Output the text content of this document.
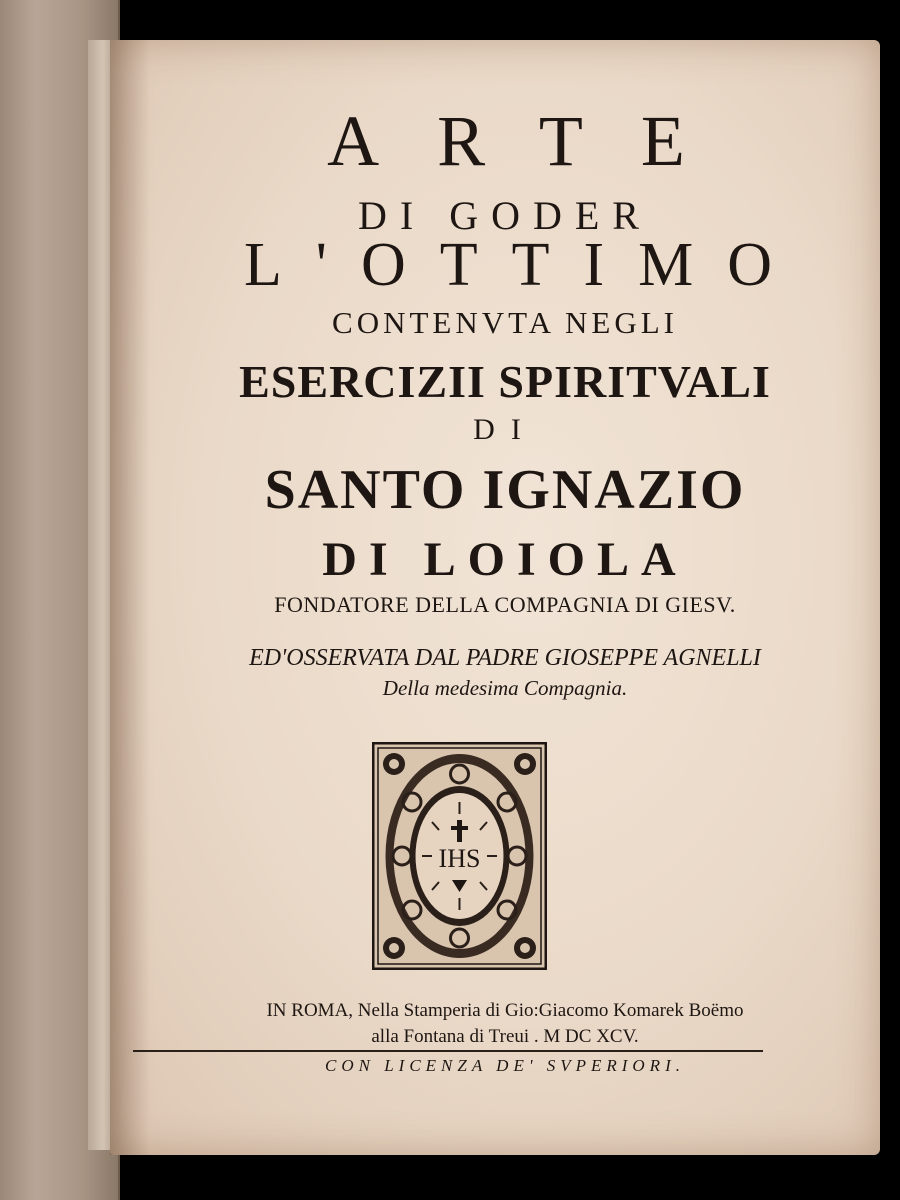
ARTE
DI GODER
L'OTTIMO
CONTENVTA NEGLI
ESERCIZII SPIRITVALI
DI
SANTO IGNAZIO
DI LOIOLA
FONDATORE DELLA COMPAGNIA DI GIESV.
ED'OSSERVATA DAL PADRE GIOSEPPE AGNELLI
Della medesima Compagnia.
IHS
IN ROMA, Nella Stamperia di Gio:Giacomo Komarek Boëmo
alla Fontana di Treui . M DC XCV.
CON LICENZA DE' SVPERIORI.
